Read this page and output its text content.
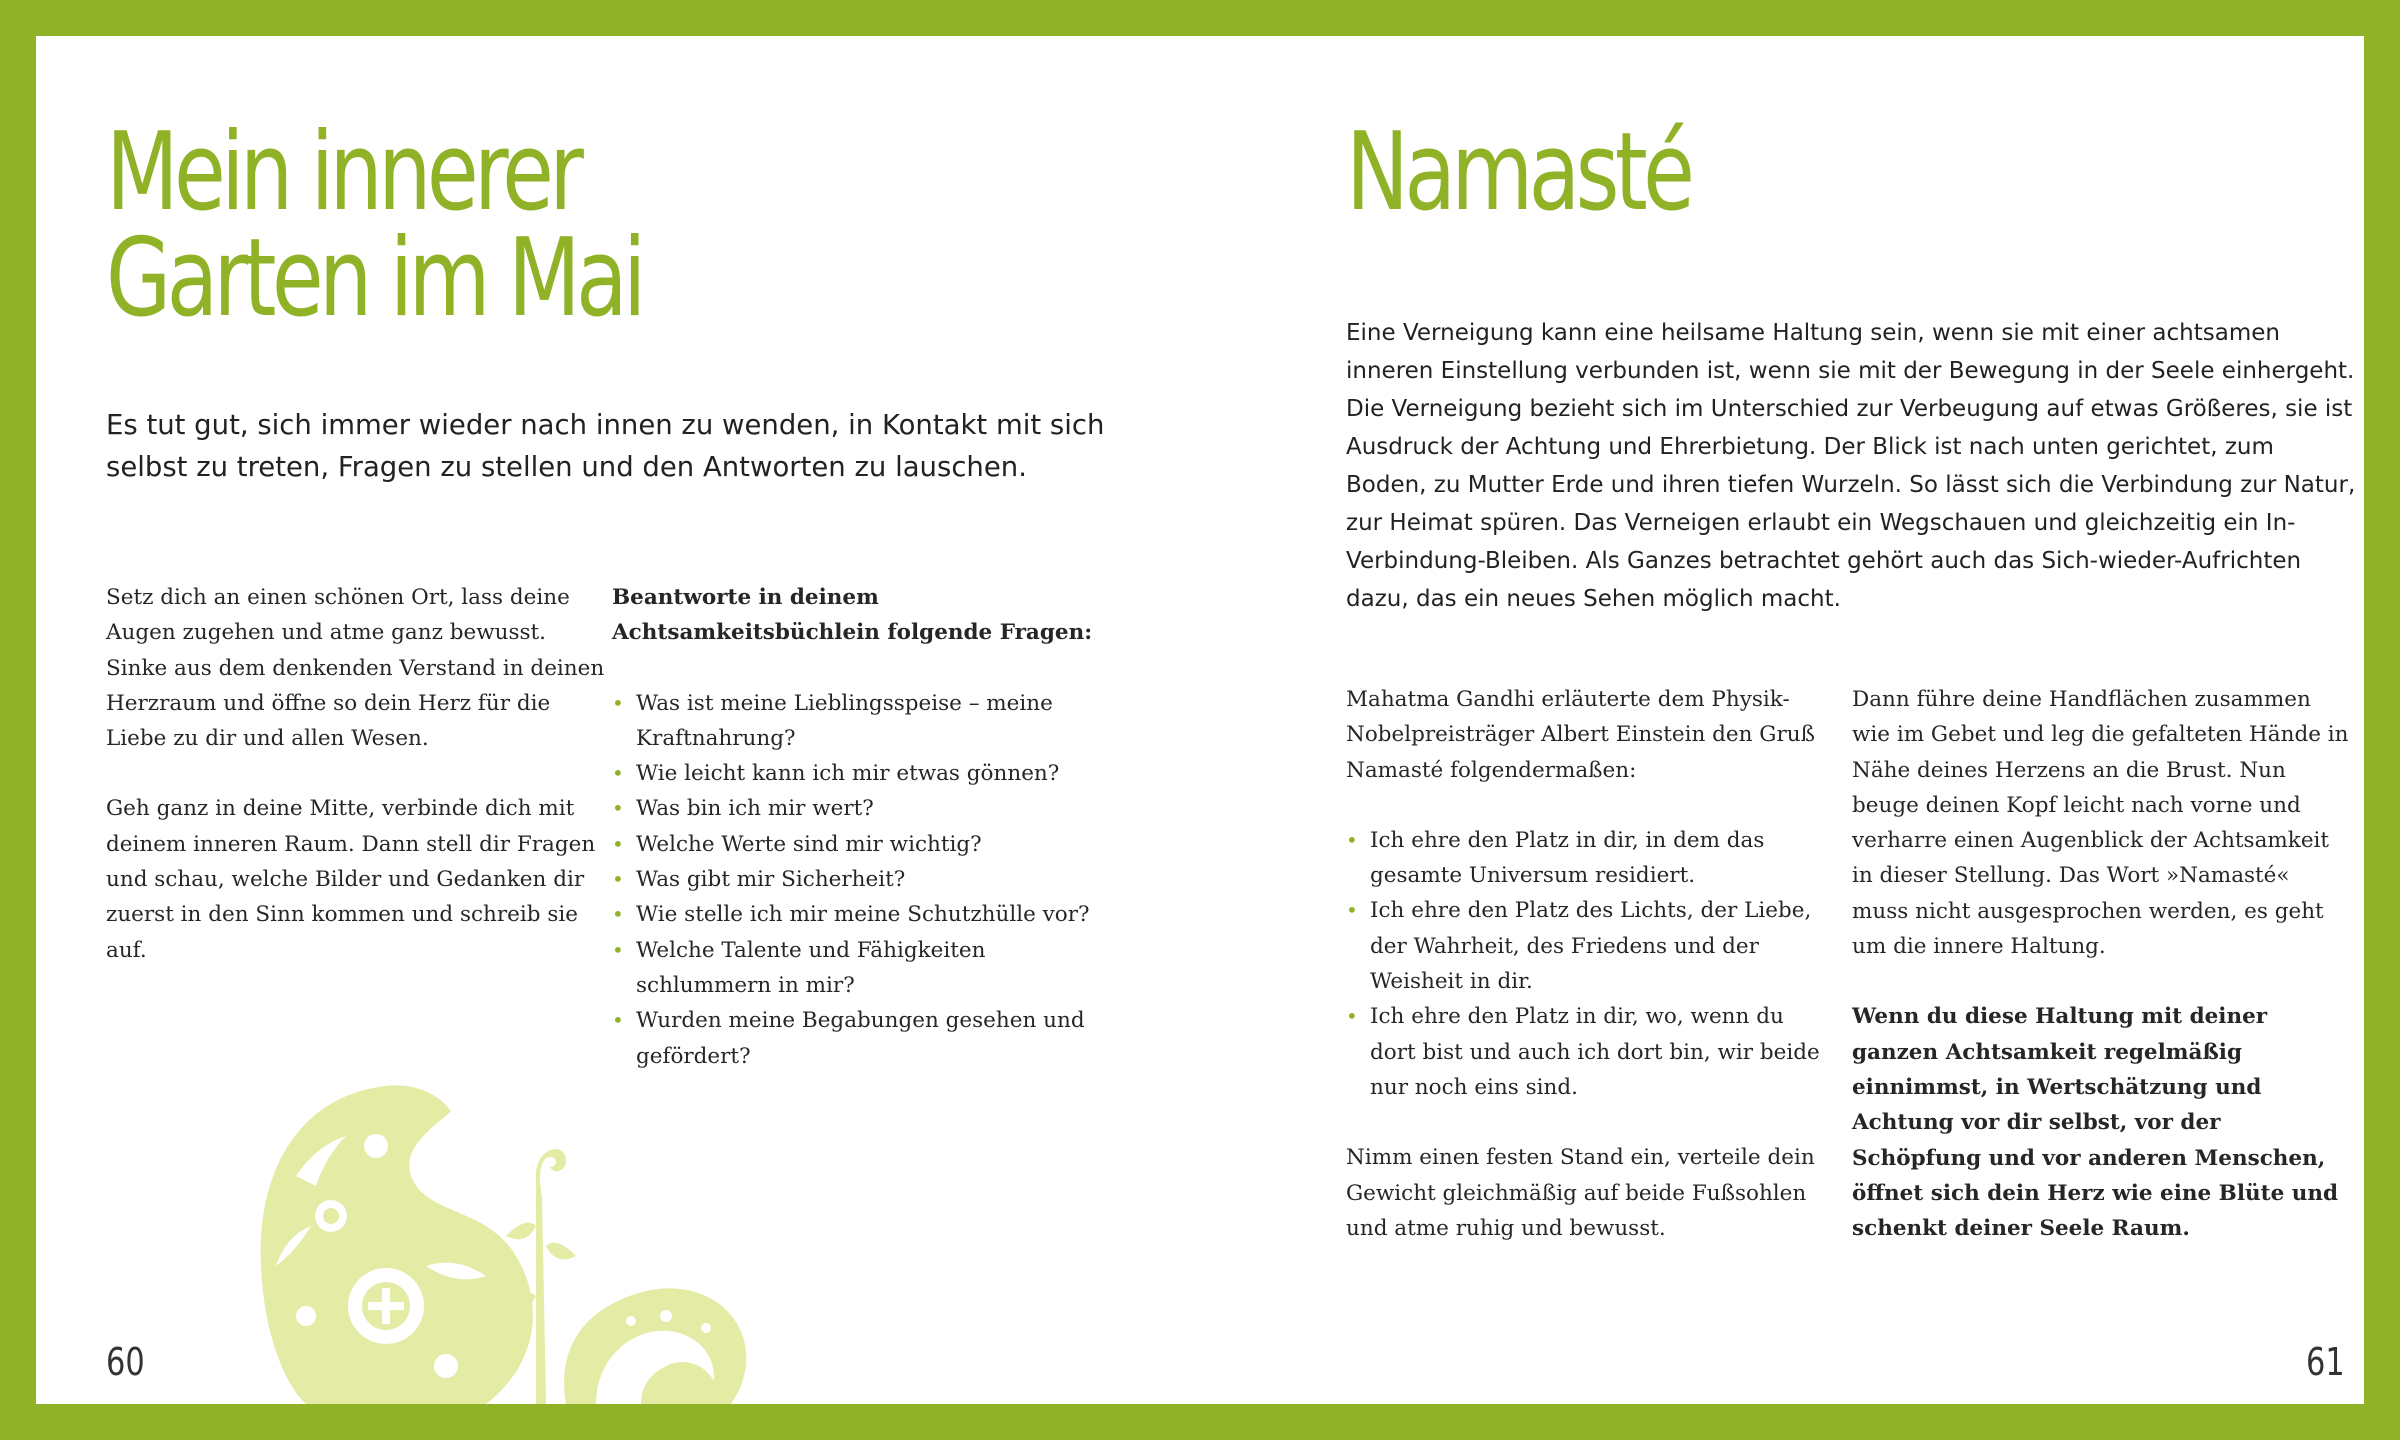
Mein innerer
Garten im Mai

Es tut gut, sich immer wieder nach innen zu wenden, in Kontakt mit sich selbst zu treten, Fragen zu stellen und den Antworten zu lauschen.

Setz dich an einen schönen Ort, lass deine Augen zugehen und atme ganz bewusst. Sinke aus dem denkenden Verstand in deinen Herzraum und öffne so dein Herz für die Liebe zu dir und allen Wesen.

Geh ganz in deine Mitte, verbinde dich mit deinem inneren Raum. Dann stell dir Fragen und schau, welche Bilder und Gedanken dir zuerst in den Sinn kommen und schreib sie auf.

Beantworte in deinem Achtsamkeitsbüchlein folgende Fragen:

• Was ist meine Lieblingsspeise – meine Kraftnahrung?
• Wie leicht kann ich mir etwas gönnen?
• Was bin ich mir wert?
• Welche Werte sind mir wichtig?
• Was gibt mir Sicherheit?
• Wie stelle ich mir meine Schutzhülle vor?
• Welche Talente und Fähigkeiten schlummern in mir?
• Wurden meine Begabungen gesehen und gefördert?
60
Namasté

Eine Verneigung kann eine heilsame Haltung sein, wenn sie mit einer achtsamen inneren Einstellung verbunden ist, wenn sie mit der Bewegung in der Seele einhergeht. Die Verneigung bezieht sich im Unterschied zur Verbeugung auf etwas Größeres, sie ist Ausdruck der Achtung und Ehrerbietung. Der Blick ist nach unten gerichtet, zum Boden, zu Mutter Erde und ihren tiefen Wurzeln. So lässt sich die Verbindung zur Natur, zur Heimat spüren. Das Verneigen erlaubt ein Wegschauen und gleichzeitig ein In-Verbindung-Bleiben. Als Ganzes betrachtet gehört auch das Sich-wieder-Aufrichten dazu, das ein neues Sehen möglich macht.

Mahatma Gandhi erläuterte dem Physik-Nobelpreisträger Albert Einstein den Gruß Namasté folgendermaßen:

• Ich ehre den Platz in dir, in dem das gesamte Universum residiert.
• Ich ehre den Platz des Lichts, der Liebe, der Wahrheit, des Friedens und der Weisheit in dir.
• Ich ehre den Platz in dir, wo, wenn du dort bist und auch ich dort bin, wir beide nur noch eins sind.

Nimm einen festen Stand ein, verteile dein Gewicht gleichmäßig auf beide Fußsohlen und atme ruhig und bewusst.

Dann führe deine Handflächen zusammen wie im Gebet und leg die gefalteten Hände in Nähe deines Herzens an die Brust. Nun beuge deinen Kopf leicht nach vorne und verharre einen Augenblick der Achtsamkeit in dieser Stellung. Das Wort »Namasté« muss nicht ausgesprochen werden, es geht um die innere Haltung.

Wenn du diese Haltung mit deiner ganzen Achtsamkeit regelmäßig einnimmst, in Wertschätzung und Achtung vor dir selbst, vor der Schöpfung und vor anderen Menschen, öffnet sich dein Herz wie eine Blüte und schenkt deiner Seele Raum.

61
